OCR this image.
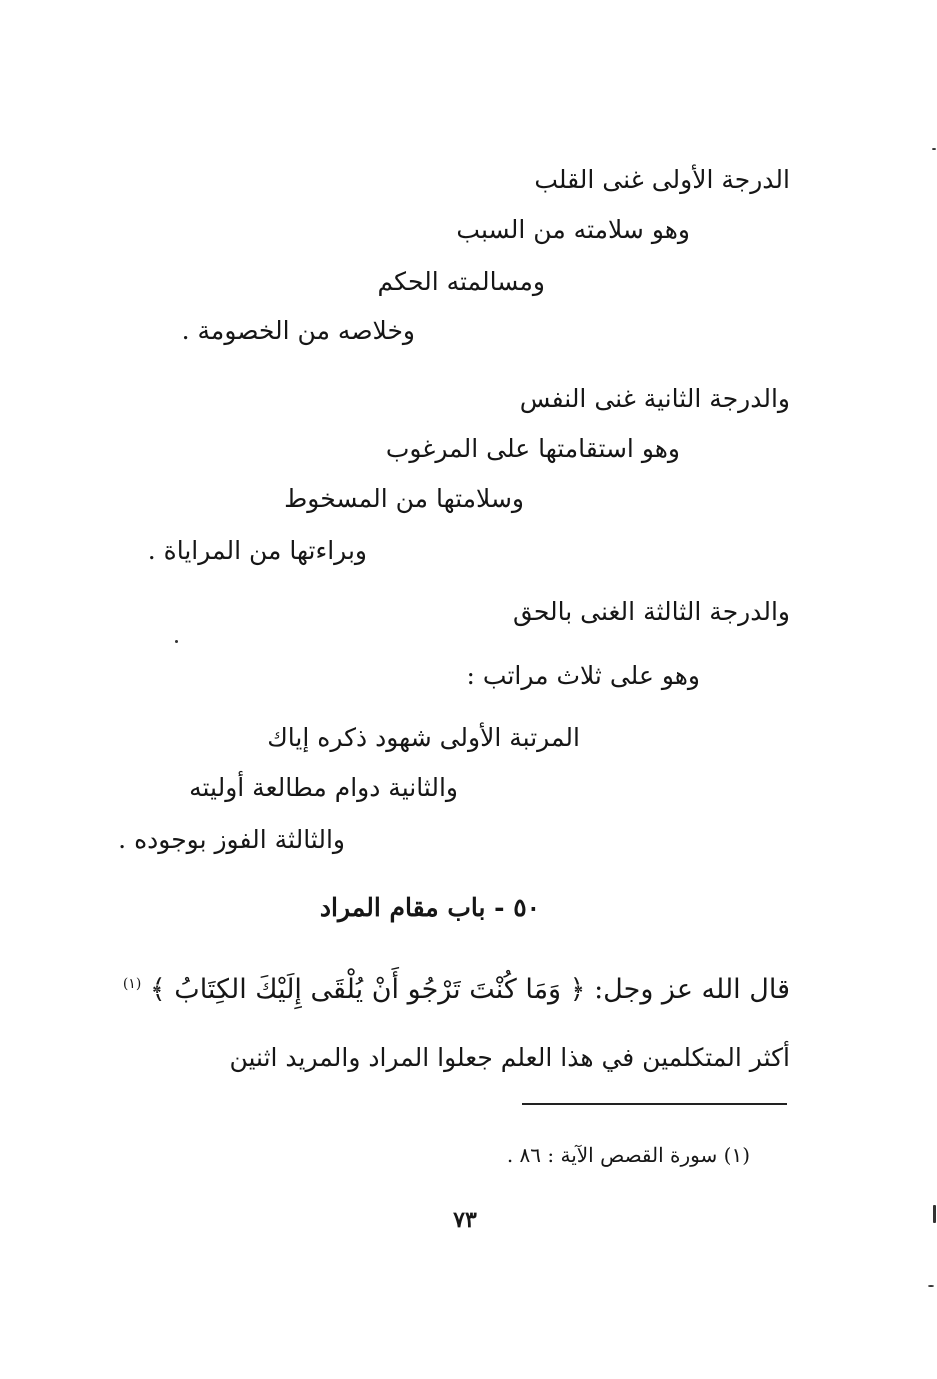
الدرجة الأولى غنى القلب
وهو سلامته من السبب
ومسالمته الحكم
وخلاصه من الخصومة .
والدرجة الثانية غنى النفس
وهو استقامتها على المرغوب
وسلامتها من المسخوط
وبراءتها من المراياة .
والدرجة الثالثة الغنى بالحق
وهو على ثلاث مراتب :
المرتبة الأولى شهود ذكره إياك
والثانية دوام مطالعة أوليته
والثالثة الفوز بوجوده .
٥٠ - باب مقام المراد
قال الله عز وجل: ﴿ وَمَا كُنْتَ تَرْجُو أَنْ يُلْقَى إِلَيْكَ الكِتَابُ ﴾ $^{(١)}$
أكثر المتكلمين في هذا العلم جعلوا المراد والمريد اثنين
(١) سورة القصص الآية : ٨٦ .
٧٣
